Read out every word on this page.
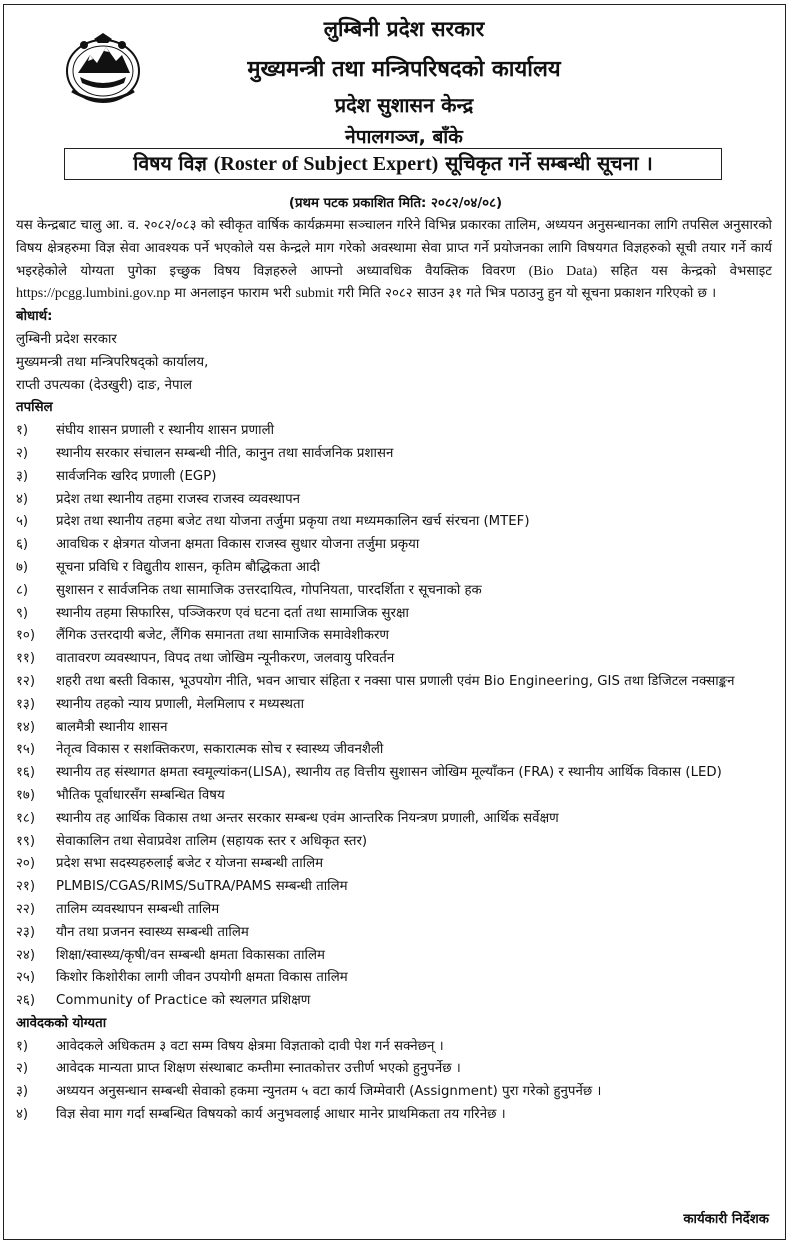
लुम्बिनी प्रदेश सरकार
मुख्यमन्त्री तथा मन्त्रिपरिषदको कार्यालय
प्रदेश सुशासन केन्द्र
नेपालगञ्ज, बाँके
विषय विज्ञ (Roster of Subject Expert) सूचिकृत गर्ने सम्बन्धी सूचना ।
(प्रथम पटक प्रकाशित मिति: २०८२/०४/०८)

यस केन्द्रबाट चालु आ. व. २०८२/०८३ को स्वीकृत वार्षिक कार्यक्रममा सञ्चालन गरिने विभिन्न प्रकारका तालिम, अध्ययन अनुसन्धानका लागि तपसिल अनुसारको विषय क्षेत्रहरुमा विज्ञ सेवा आवश्यक पर्ने भएकोले यस केन्द्रले माग गरेको अवस्थामा सेवा प्राप्त गर्ने प्रयोजनका लागि विषयगत विज्ञहरुको सूची तयार गर्ने कार्य भइरहेकोले योग्यता पुगेका इच्छुक विषय विज्ञहरुले आफ्नो अध्यावधिक वैयक्तिक विवरण (Bio Data) सहित यस केन्द्रको वेभसाइट https://pcgg.lumbini.gov.np मा अनलाइन फाराम भरी submit गरी मिति २०८२ साउन ३१ गते भित्र पठाउनु हुन यो सूचना प्रकाशन गरिएको छ ।

बोधार्थ:

लुम्बिनी प्रदेश सरकार

मुख्यमन्त्री तथा मन्त्रिपरिषद्को कार्यालय,

राप्ती उपत्यका (देउखुरी) दाङ, नेपाल

तपसिल

१)	संघीय शासन प्रणाली र स्थानीय शासन प्रणाली
२)	स्थानीय सरकार संचालन सम्बन्धी नीति, कानुन तथा सार्वजनिक प्रशासन
३)	सार्वजनिक खरिद प्रणाली (EGP)
४)	प्रदेश तथा स्थानीय तहमा राजस्व राजस्व व्यवस्थापन
५)	प्रदेश तथा स्थानीय तहमा बजेट तथा योजना तर्जुमा प्रकृया तथा मध्यमकालिन खर्च संरचना (MTEF)
६)	आवधिक र क्षेत्रगत योजना क्षमता विकास राजस्व सुधार योजना तर्जुमा प्रकृया
७)	सूचना प्रविधि र विद्युतीय शासन, कृतिम बौद्धिकता आदी
८)	सुशासन र सार्वजनिक तथा सामाजिक उत्तरदायित्व, गोपनियता, पारदर्शिता र सूचनाको हक
९)	स्थानीय तहमा सिफारिस, पञ्जिकरण एवं घटना दर्ता तथा सामाजिक सुरक्षा
१०)	लैंगिक उत्तरदायी बजेट, लैंगिक समानता तथा सामाजिक समावेशीकरण
११)	वातावरण व्यवस्थापन, विपद तथा जोखिम न्यूनीकरण, जलवायु परिवर्तन
१२)	शहरी तथा बस्ती विकास, भूउपयोग नीति, भवन आचार संहिता र नक्सा पास प्रणाली एवंम Bio Engineering, GIS तथा डिजिटल नक्साङ्कन
१३)	स्थानीय तहको न्याय प्रणाली, मेलमिलाप र मध्यस्थता
१४)	बालमैत्री स्थानीय शासन
१५)	नेतृत्व विकास र सशक्तिकरण, सकारात्मक सोच र स्वास्थ्य जीवनशैली
१६)	स्थानीय तह संस्थागत क्षमता स्वमूल्यांकन(LISA), स्थानीय तह वित्तीय सुशासन जोखिम मूल्याँकन (FRA) र स्थानीय आर्थिक विकास (LED)
१७)	भौतिक पूर्वाधारसँग सम्बन्धित विषय
१८)	स्थानीय तह आर्थिक विकास तथा अन्तर सरकार सम्बन्ध एवंम आन्तरिक नियन्त्रण प्रणाली, आर्थिक सर्वेक्षण
१९)	सेवाकालिन तथा सेवाप्रवेश तालिम (सहायक स्तर र अधिकृत स्तर)
२०)	प्रदेश सभा सदस्यहरुलाई बजेट र योजना सम्बन्धी तालिम
२१)	PLMBIS/CGAS/RIMS/SuTRA/PAMS सम्बन्धी तालिम
२२)	तालिम व्यवस्थापन सम्बन्धी तालिम
२३)	यौन तथा प्रजनन स्वास्थ्य सम्बन्धी तालिम
२४)	शिक्षा/स्वास्थ्य/कृषी/वन सम्बन्धी क्षमता विकासका तालिम
२५)	किशोर किशोरीका लागी जीवन उपयोगी क्षमता विकास तालिम
२६)	Community of Practice को स्थलगत प्रशिक्षण

आवेदकको योग्यता

१)	आवेदकले अधिकतम ३ वटा सम्म विषय क्षेत्रमा विज्ञताको दावी पेश गर्न सक्नेछन् ।
२)	आवेदक मान्यता प्राप्त शिक्षण संस्थाबाट कम्तीमा स्नातकोत्तर उत्तीर्ण भएको हुनुपर्नेछ ।
३)	अध्ययन अनुसन्धान सम्बन्धी सेवाको हकमा न्युनतम ५ वटा कार्य जिम्मेवारी (Assignment) पुरा गरेको हुनुपर्नेछ ।
४)	विज्ञ सेवा माग गर्दा सम्बन्धित विषयको कार्य अनुभवलाई आधार मानेर प्राथमिकता तय गरिनेछ ।
कार्यकारी निर्देशक
